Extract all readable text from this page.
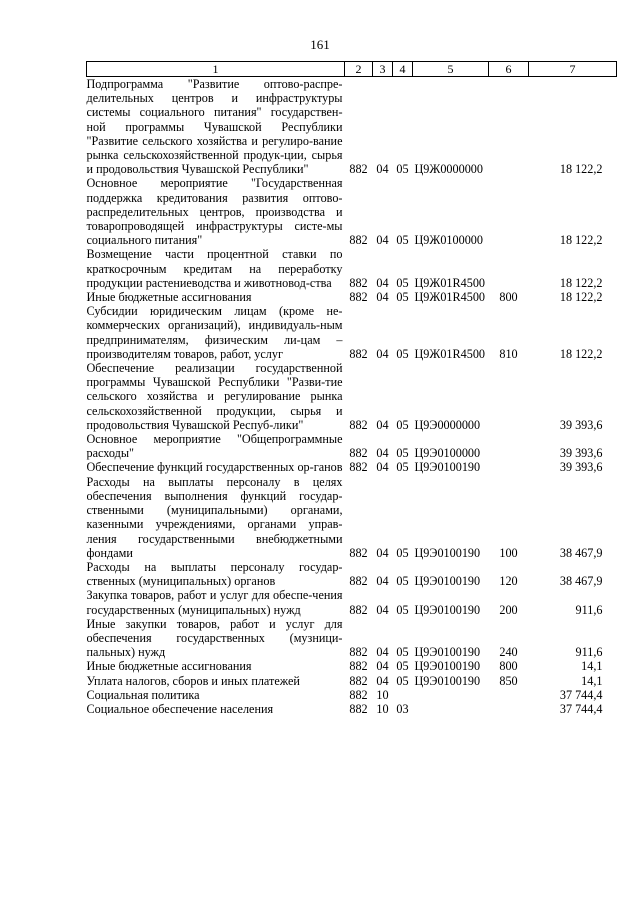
161
1	2	3	4	5	6	7
Подпрограмма "Развитие оптово-распре-делительных центров и инфраструктуры системы социального питания" государствен-ной программы Чувашской Республики "Развитие сельского хозяйства и регулиро-вание рынка сельскохозяйственной продук-ции, сырья и продовольствия Чувашской Республики"	882	04	05	Ц9Ж0000000		18 122,2
Основное мероприятие "Государственная поддержка кредитования развития оптово-распределительных центров, производства и товаропроводящей инфраструктуры систе-мы социального питания"	882	04	05	Ц9Ж0100000		18 122,2
Возмещение части процентной ставки по краткосрочным кредитам на переработку продукции растениеводства и животновод-ства	882	04	05	Ц9Ж01R4500		18 122,2
Иные бюджетные ассигнования	882	04	05	Ц9Ж01R4500	800	18 122,2
Субсидии юридическим лицам (кроме не-коммерческих организаций), индивидуаль-ным предпринимателям, физическим ли-цам – производителям товаров, работ, услуг	882	04	05	Ц9Ж01R4500	810	18 122,2
Обеспечение реализации государственной программы Чувашской Республики "Разви-тие сельского хозяйства и регулирование рынка сельскохозяйственной продукции, сырья и продовольствия Чувашской Респуб-лики"	882	04	05	Ц9Э0000000		39 393,6
Основное мероприятие "Общепрограммные расходы"	882	04	05	Ц9Э0100000		39 393,6
Обеспечение функций государственных ор-ганов	882	04	05	Ц9Э0100190		39 393,6
Расходы на выплаты персоналу в целях обеспечения выполнения функций государ-ственными (муниципальными) органами, казенными учреждениями, органами управ-ления государственными внебюджетными фондами	882	04	05	Ц9Э0100190	100	38 467,9
Расходы на выплаты персоналу государ-ственных (муниципальных) органов	882	04	05	Ц9Э0100190	120	38 467,9
Закупка товаров, работ и услуг для обеспе-чения государственных (муниципальных) нужд	882	04	05	Ц9Э0100190	200	911,6
Иные закупки товаров, работ и услуг для обеспечения государственных (музници-пальных) нужд	882	04	05	Ц9Э0100190	240	911,6
Иные бюджетные ассигнования	882	04	05	Ц9Э0100190	800	14,1
Уплата налогов, сборов и иных платежей	882	04	05	Ц9Э0100190	850	14,1
Социальная политика	882	10				37 744,4
Социальное обеспечение населения	882	10	03			37 744,4
